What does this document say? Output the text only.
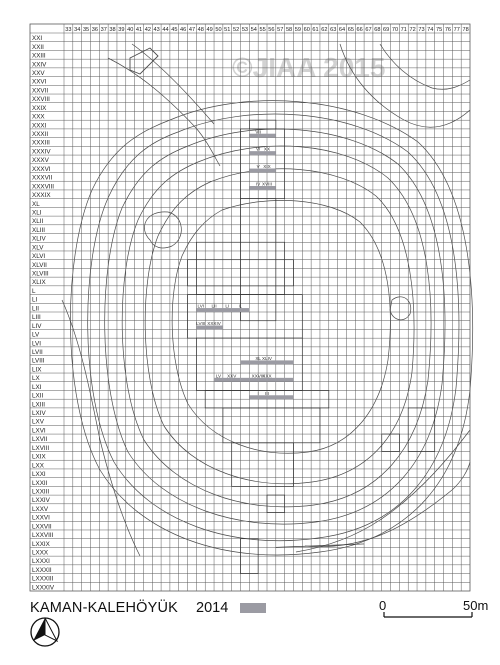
©JIAA 2015
33 34 35 36 37 38 39 40 41 42 43 44 45 46 47 48 49 50 51 52 53 54 55 56 57 58 59 60 61 62 63 64 65 66 67 68 69 70 71 72 73 74 75 76 77 78
XXI
XXII
XXIII
XXIV
XXV
XXVI
XXVII
XXVIII
XXIX
XXX
XXXI
XXXII
XXXIII
XXXIV
XXXV
XXXVI
XXXVII
XXXVIII
XXXIX
XL
XLI
XLII
XLIII
XLIV
XLV
XLVI
XLVII
XLVIII
XLIX
L
LI
LII
LIII
LIV
LV
LVI
LVII
LVIII
LIX
LX
LXI
LXII
LXIII
LXIV
LXV
LXVI
LXVII
LXVIII
LXIX
LXX
LXXI
LXXII
LXXIII
LXXIV
LXXV
LXXVI
LXXVII
LXXVIII
LXXIX
LXXX
LXXXI
LXXXII
LXXXIII
LXXXIV
VII
VI XX
V XIX
IV XVIII
LVI LII LI L
LVIII XXXIV
XL XLIV
LV XXV	XXVIII
XXX
I III
KAMAN-KALEHÖYÜK 2014	0	50m
